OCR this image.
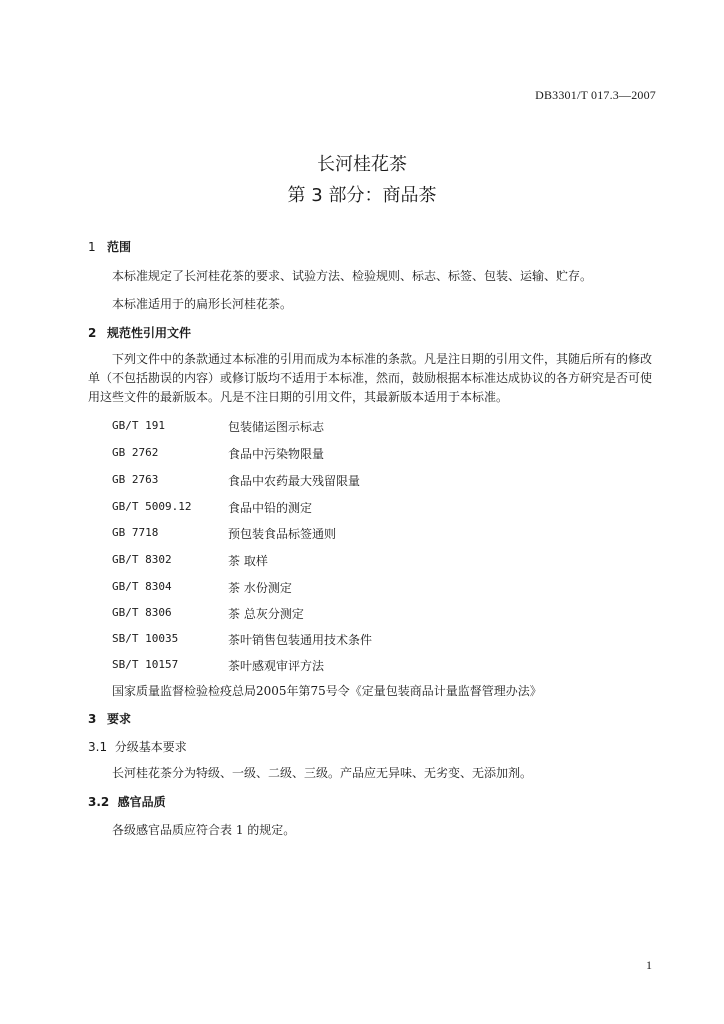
DB3301/T 017.3—2007
长河桂花茶
第 3 部分：商品茶
1 范围
本标准规定了长河桂花茶的要求、试验方法、检验规则、标志、标签、包装、运输、贮存。
本标准适用于的扁形长河桂花茶。
2 规范性引用文件
下列文件中的条款通过本标准的引用而成为本标准的条款。凡是注日期的引用文件，其随后所有的修改单（不包括勘误的内容）或修订版均不适用于本标准，然而，鼓励根据本标准达成协议的各方研究是否可使用这些文件的最新版本。凡是不注日期的引用文件，其最新版本适用于本标准。
GB/T 191	包装储运图示标志
GB 2762	食品中污染物限量
GB 2763	食品中农药最大残留限量
GB/T 5009.12	食品中铅的测定
GB 7718	预包装食品标签通则
GB/T 8302	茶 取样
GB/T 8304	茶 水份测定
GB/T 8306	茶 总灰分测定
SB/T 10035	茶叶销售包装通用技术条件
SB/T 10157	茶叶感观审评方法
国家质量监督检验检疫总局2005年第75号令《定量包装商品计量监督管理办法》
3 要求
3.1 分级基本要求
长河桂花茶分为特级、一级、二级、三级。产品应无异味、无劣变、无添加剂。
3.2 感官品质
各级感官品质应符合表 1 的规定。
1
